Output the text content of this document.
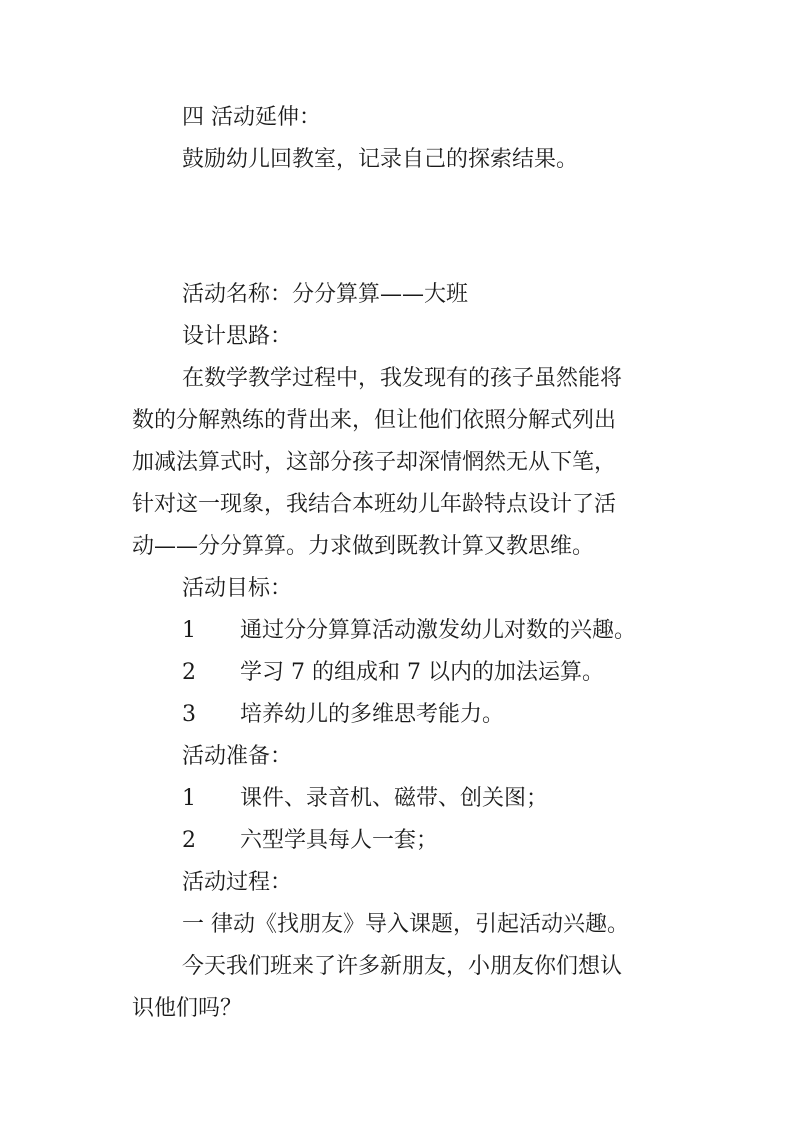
四 活动延伸：
鼓励幼儿回教室，记录自己的探索结果。
活动名称：分分算算——大班
设计思路：
在数学教学过程中，我发现有的孩子虽然能将
数的分解熟练的背出来，但让他们依照分解式列出
加减法算式时，这部分孩子却深情惘然无从下笔，
针对这一现象，我结合本班幼儿年龄特点设计了活
动——分分算算。力求做到既教计算又教思维。
活动目标：
1 通过分分算算活动激发幼儿对数的兴趣。
2 学习 7 的组成和 7 以内的加法运算。
3 培养幼儿的多维思考能力。
活动准备：
1 课件、录音机、磁带、创关图；
2 六型学具每人一套；
活动过程：
一 律动《找朋友》导入课题，引起活动兴趣。
今天我们班来了许多新朋友，小朋友你们想认
识他们吗？
